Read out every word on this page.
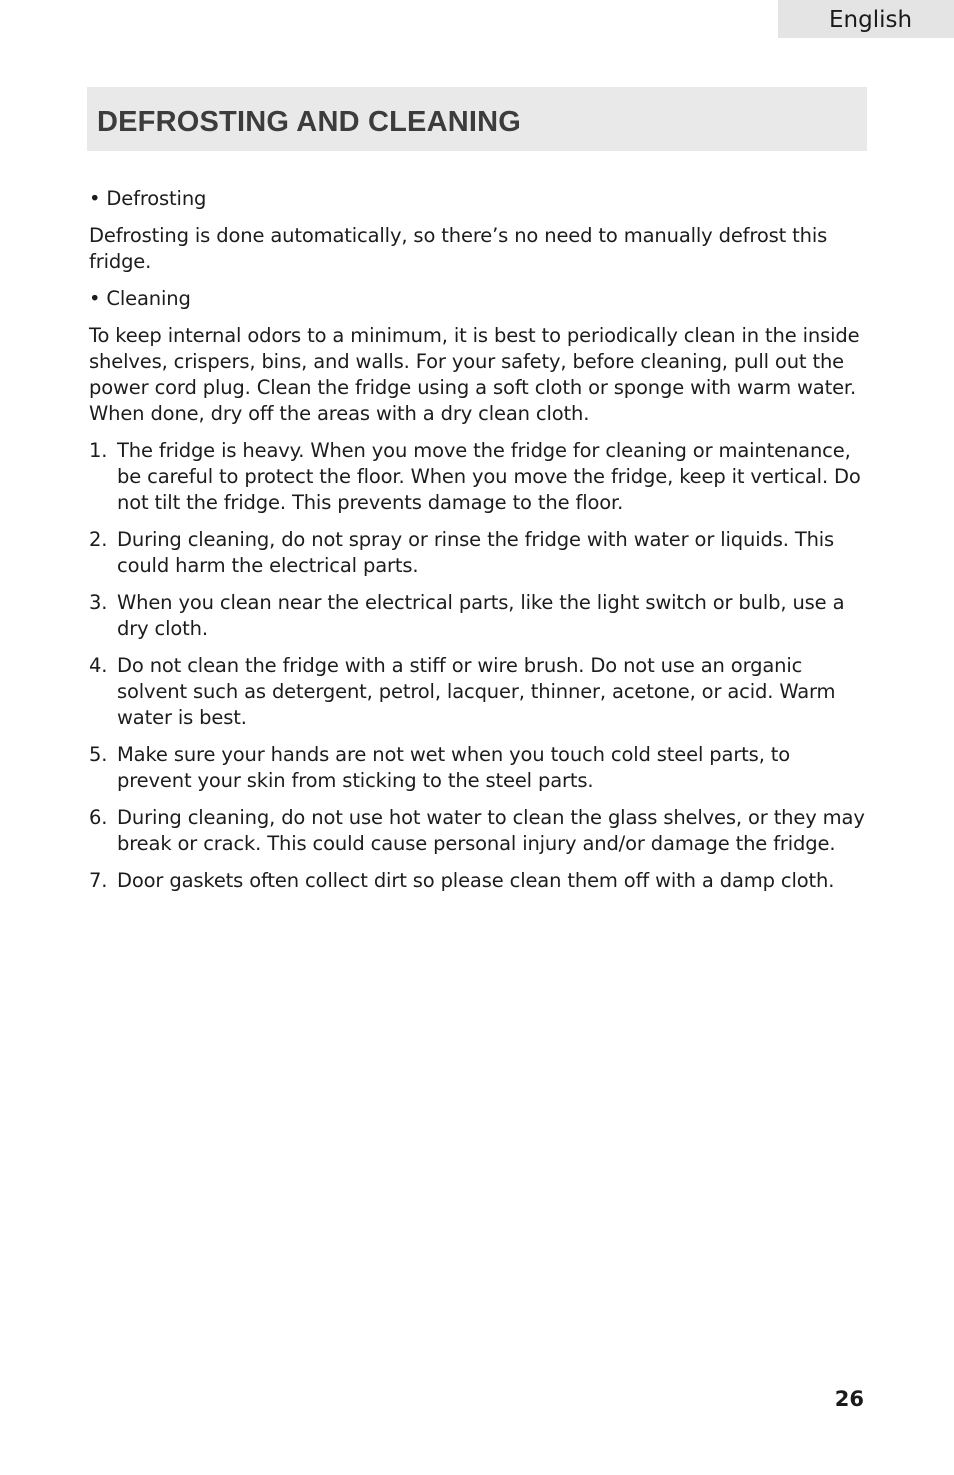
English
DEFROSTING AND CLEANING
• Defrosting

Defrosting is done automatically, so there’s no need to manually defrost this fridge.

• Cleaning

To keep internal odors to a minimum, it is best to periodically clean in the inside shelves, crispers, bins, and walls. For your safety, before cleaning, pull out the power cord plug. Clean the fridge using a soft cloth or sponge with warm water. When done, dry off the areas with a dry clean cloth.

1. The fridge is heavy. When you move the fridge for cleaning or maintenance, be careful to protect the floor. When you move the fridge, keep it vertical. Do not tilt the fridge. This prevents damage to the floor.
2. During cleaning, do not spray or rinse the fridge with water or liquids. This could harm the electrical parts.
3. When you clean near the electrical parts, like the light switch or bulb, use a dry cloth.
4. Do not clean the fridge with a stiff or wire brush. Do not use an organic solvent such as detergent, petrol, lacquer, thinner, acetone, or acid. Warm water is best.
5. Make sure your hands are not wet when you touch cold steel parts, to prevent your skin from sticking to the steel parts.
6. During cleaning, do not use hot water to clean the glass shelves, or they may break or crack. This could cause personal injury and/or damage the fridge.
7. Door gaskets often collect dirt so please clean them off with a damp cloth.
26
